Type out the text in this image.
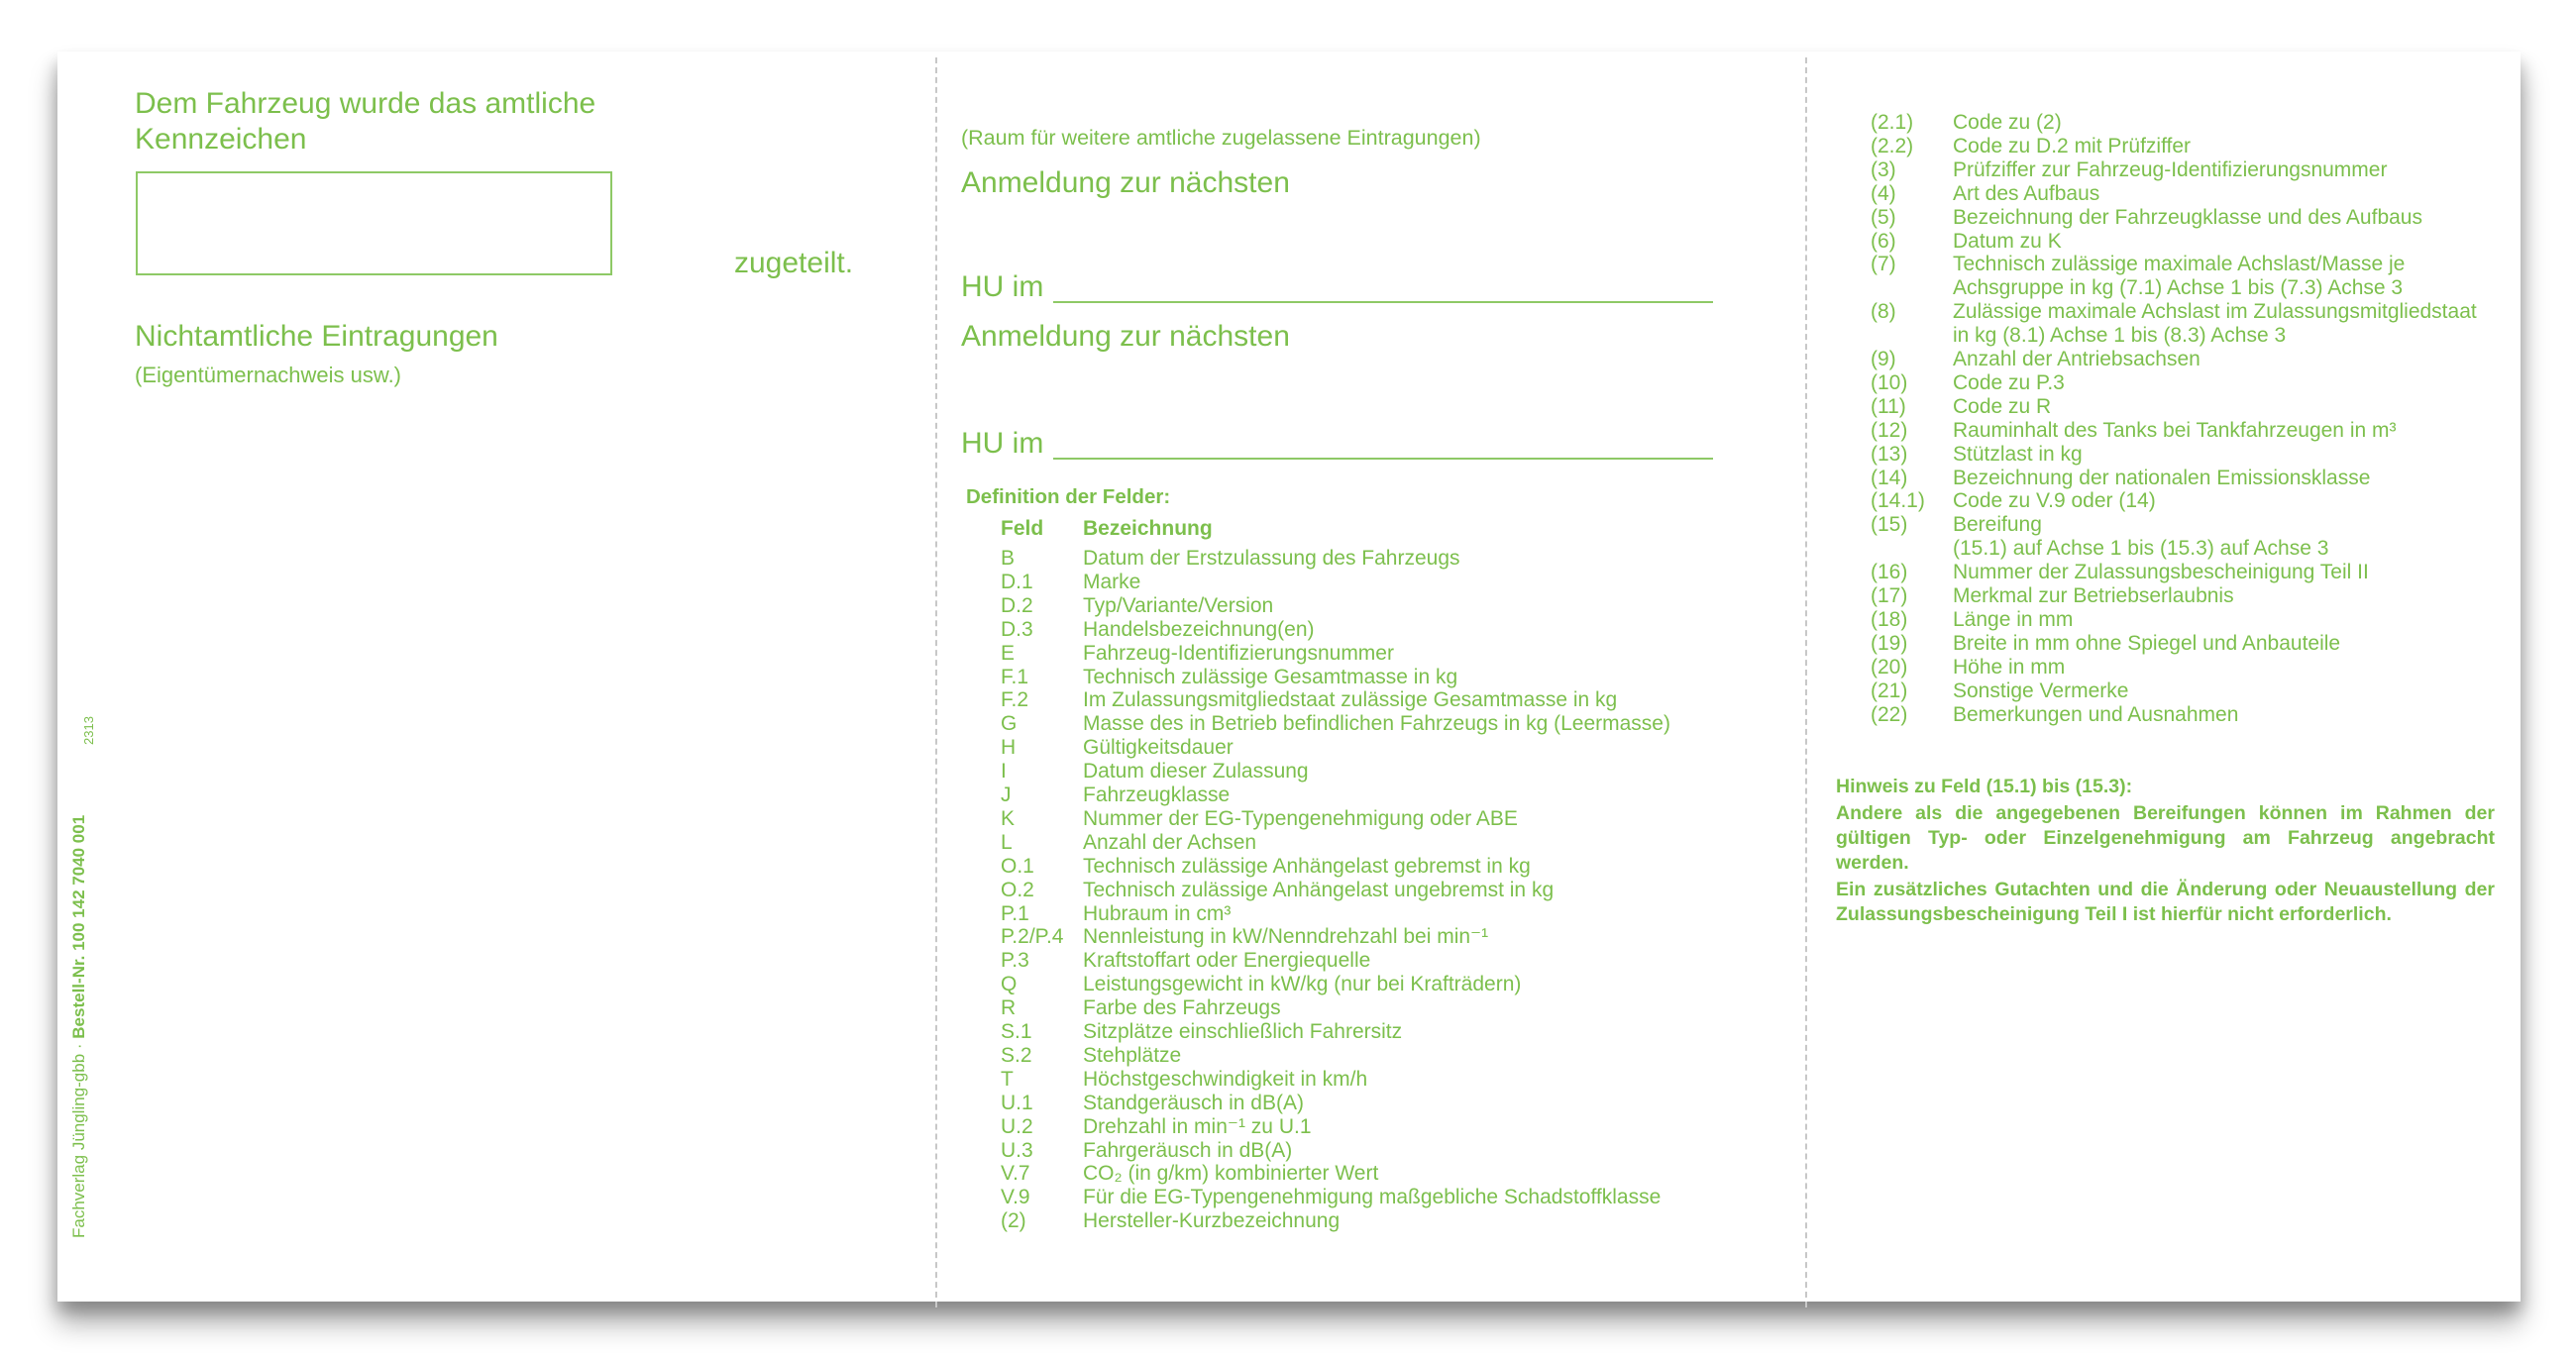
Dem Fahrzeug wurde das amtliche
Kennzeichen
zugeteilt.
Nichtamtliche Eintragungen
(Eigentümernachweis usw.)
Fachverlag Jüngling-gbb · Bestell-Nr. 100 142 7040 001
2313
(Raum für weitere amtliche zugelassene Eintragungen)
Anmeldung zur nächsten
HU im
Anmeldung zur nächsten
HU im
Definition der Felder:
Feld Bezeichnung
B	Datum der Erstzulassung des Fahrzeugs
D.1 Marke
D.2 Typ/Variante/Version
D.3 Handelsbezeichnung(en)
E	Fahrzeug-Identifizierungsnummer
F.1	Technisch zulässige Gesamtmasse in kg
F.2	Im Zulassungsmitgliedstaat zulässige Gesamtmasse in kg
G	Masse des in Betrieb befindlichen Fahrzeugs in kg (Leermasse)
H	Gültigkeitsdauer
I	Datum dieser Zulassung
J	Fahrzeugklasse
K	Nummer der EG-Typengenehmigung oder ABE
L	Anzahl der Achsen
O.1 Technisch zulässige Anhängelast gebremst in kg
O.2 Technisch zulässige Anhängelast ungebremst in kg
P.1	Hubraum in cm³
P.2/P.4 Nennleistung in kW/Nenndrehzahl bei min⁻¹
P.3	Kraftstoffart oder Energiequelle
Q	Leistungsgewicht in kW/kg (nur bei Krafträdern)
R	Farbe des Fahrzeugs
S.1 Sitzplätze einschließlich Fahrersitz
S.2 Stehplätze
T	Höchstgeschwindigkeit in km/h
U.1 Standgeräusch in dB(A)
U.2 Drehzahl in min⁻¹ zu U.1
U.3 Fahrgeräusch in dB(A)
V.7	CO₂ (in g/km) kombinierter Wert
V.9	Für die EG-Typengenehmigung maßgebliche Schadstoffklasse
(2)	Hersteller-Kurzbezeichnung
(2.1) Code zu (2)
(2.2) Code zu D.2 mit Prüfziffer
(3)	Prüfziffer zur Fahrzeug-Identifizierungsnummer
(4)	Art des Aufbaus
(5)	Bezeichnung der Fahrzeugklasse und des Aufbaus
(6)	Datum zu K
(7)	Technisch zulässige maximale Achslast/Masse je
Achsgruppe in kg (7.1) Achse 1 bis (7.3) Achse 3
(8)	Zulässige maximale Achslast im Zulassungsmitgliedstaat
in kg (8.1) Achse 1 bis (8.3) Achse 3
(9)	Anzahl der Antriebsachsen
(10) Code zu P.3
(11) Code zu R
(12) Rauminhalt des Tanks bei Tankfahrzeugen in m³
(13) Stützlast in kg
(14) Bezeichnung der nationalen Emissionsklasse
(14.1) Code zu V.9 oder (14)
(15) Bereifung
(15.1) auf Achse 1 bis (15.3) auf Achse 3
(16) Nummer der Zulassungsbescheinigung Teil II
(17) Merkmal zur Betriebserlaubnis
(18) Länge in mm
(19) Breite in mm ohne Spiegel und Anbauteile
(20) Höhe in mm
(21) Sonstige Vermerke
(22) Bemerkungen und Ausnahmen
Hinweis zu Feld (15.1) bis (15.3):
Andere als die angegebenen Bereifungen können im Rahmen der gültigen Typ- oder Einzelgenehmigung am Fahrzeug angebracht werden.
Ein zusätzliches Gutachten und die Änderung oder Neuaustellung der Zulassungsbescheinigung Teil I ist hierfür nicht erforderlich.
